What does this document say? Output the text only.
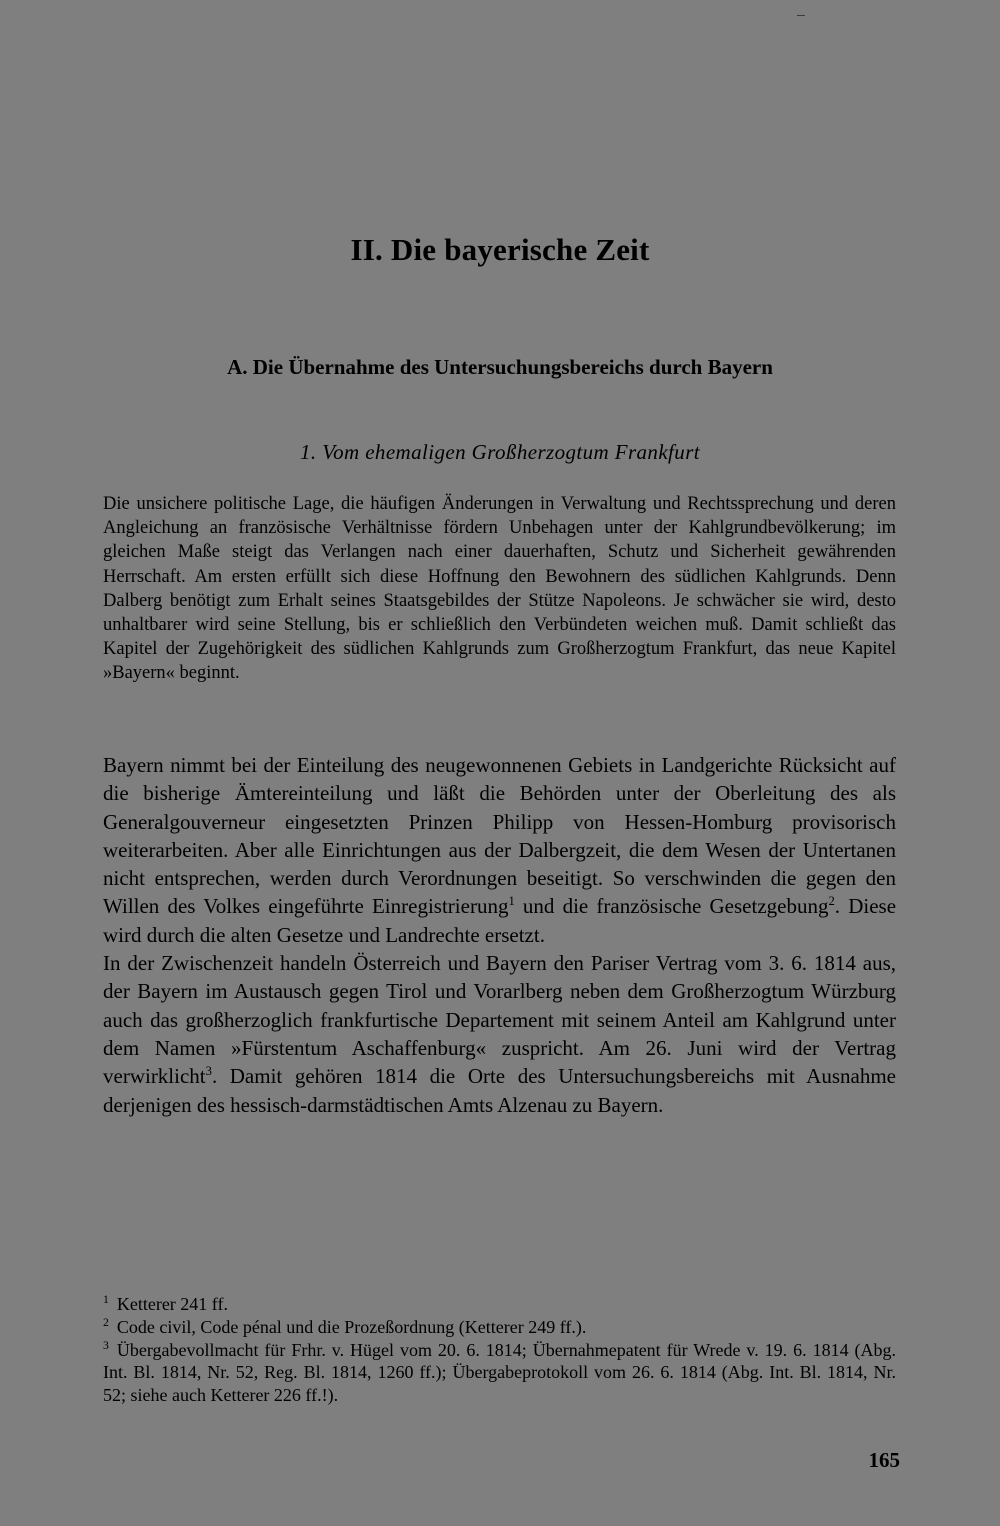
II. Die bayerische Zeit
A. Die Übernahme des Untersuchungsbereichs durch Bayern
1. Vom ehemaligen Großherzogtum Frankfurt
Die unsichere politische Lage, die häufigen Änderungen in Verwaltung und Rechtssprechung und deren Angleichung an französische Verhältnisse fördern Unbehagen unter der Kahlgrundbevölkerung; im gleichen Maße steigt das Verlangen nach einer dauerhaften, Schutz und Sicherheit gewährenden Herrschaft. Am ersten erfüllt sich diese Hoffnung den Bewohnern des südlichen Kahlgrunds. Denn Dalberg benötigt zum Erhalt seines Staatsgebildes der Stütze Napoleons. Je schwächer sie wird, desto unhaltbarer wird seine Stellung, bis er schließlich den Verbündeten weichen muß. Damit schließt das Kapitel der Zugehörigkeit des südlichen Kahlgrunds zum Großherzogtum Frankfurt, das neue Kapitel »Bayern« beginnt.

Bayern nimmt bei der Einteilung des neugewonnenen Gebiets in Landgerichte Rücksicht auf die bisherige Ämtereinteilung und läßt die Behörden unter der Oberleitung des als Generalgouverneur eingesetzten Prinzen Philipp von Hessen-Homburg provisorisch weiterarbeiten. Aber alle Einrichtungen aus der Dalbergzeit, die dem Wesen der Untertanen nicht entsprechen, werden durch Verordnungen beseitigt. So verschwinden die gegen den Willen des Volkes eingeführte Einregistrierung$^1$ und die französische Gesetzgebung$^2$. Diese wird durch die alten Gesetze und Landrechte ersetzt.

In der Zwischenzeit handeln Österreich und Bayern den Pariser Vertrag vom 3. 6. 1814 aus, der Bayern im Austausch gegen Tirol und Vorarlberg neben dem Großherzogtum Würzburg auch das großherzoglich frankfurtische Departement mit seinem Anteil am Kahlgrund unter dem Namen »Fürstentum Aschaffenburg« zuspricht. Am 26. Juni wird der Vertrag verwirklicht$^3$. Damit gehören 1814 die Orte des Untersuchungsbereichs mit Ausnahme derjenigen des hessisch-darmstädtischen Amts Alzenau zu Bayern.

$^1$ Ketterer 241 ff.

$^2$ Code civil, Code pénal und die Prozeßordnung (Ketterer 249 ff.).

$^3$ Übergabevollmacht für Frhr. v. Hügel vom 20. 6. 1814; Übernahmepatent für Wrede v. 19. 6. 1814 (Abg. Int. Bl. 1814, Nr. 52, Reg. Bl. 1814, 1260 ff.); Übergabeprotokoll vom 26. 6. 1814 (Abg. Int. Bl. 1814, Nr. 52; siehe auch Ketterer 226 ff.!).

165
